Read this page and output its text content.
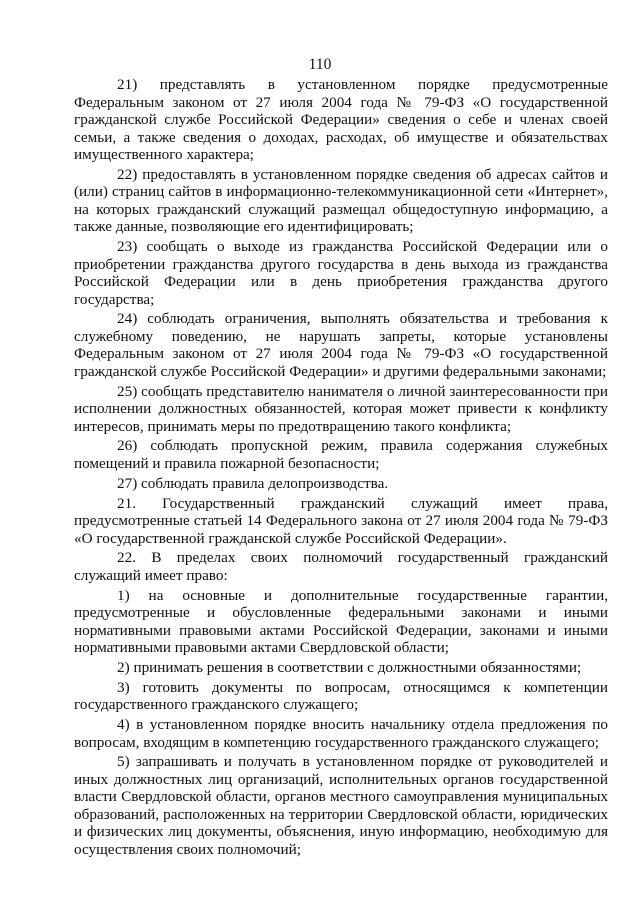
110

21) представлять в установленном порядке предусмотренные Федеральным законом от 27 июля 2004 года № 79-ФЗ «О государственной гражданской службе Российской Федерации» сведения о себе и членах своей семьи, а также сведения о доходах, расходах, об имуществе и обязательствах имущественного характера;

22) предоставлять в установленном порядке сведения об адресах сайтов и (или) страниц сайтов в информационно-телекоммуникационной сети «Интернет», на которых гражданский служащий размещал общедоступную информацию, а также данные, позволяющие его идентифицировать;

23) сообщать о выходе из гражданства Российской Федерации или о приобретении гражданства другого государства в день выхода из гражданства Российской Федерации или в день приобретения гражданства другого государства;

24) соблюдать ограничения, выполнять обязательства и требования к служебному поведению, не нарушать запреты, которые установлены Федеральным законом от 27 июля 2004 года № 79-ФЗ «О государственной гражданской службе Российской Федерации» и другими федеральными законами;

25) сообщать представителю нанимателя о личной заинтересованности при исполнении должностных обязанностей, которая может привести к конфликту интересов, принимать меры по предотвращению такого конфликта;

26) соблюдать пропускной режим, правила содержания служебных помещений и правила пожарной безопасности;

27) соблюдать правила делопроизводства.

21. Государственный гражданский служащий имеет права, предусмотренные статьей 14 Федерального закона от 27 июля 2004 года № 79-ФЗ «О государственной гражданской службе Российской Федерации».

22. В пределах своих полномочий государственный гражданский служащий имеет право:

1) на основные и дополнительные государственные гарантии, предусмотренные и обусловленные федеральными законами и иными нормативными правовыми актами Российской Федерации, законами и иными нормативными правовыми актами Свердловской области;

2) принимать решения в соответствии с должностными обязанностями;

3) готовить документы по вопросам, относящимся к компетенции государственного гражданского служащего;

4) в установленном порядке вносить начальнику отдела предложения по вопросам, входящим в компетенцию государственного гражданского служащего;

5) запрашивать и получать в установленном порядке от руководителей и иных должностных лиц организаций, исполнительных органов государственной власти Свердловской области, органов местного самоуправления муниципальных образований, расположенных на территории Свердловской области, юридических и физических лиц документы, объяснения, иную информацию, необходимую для осуществления своих полномочий;
